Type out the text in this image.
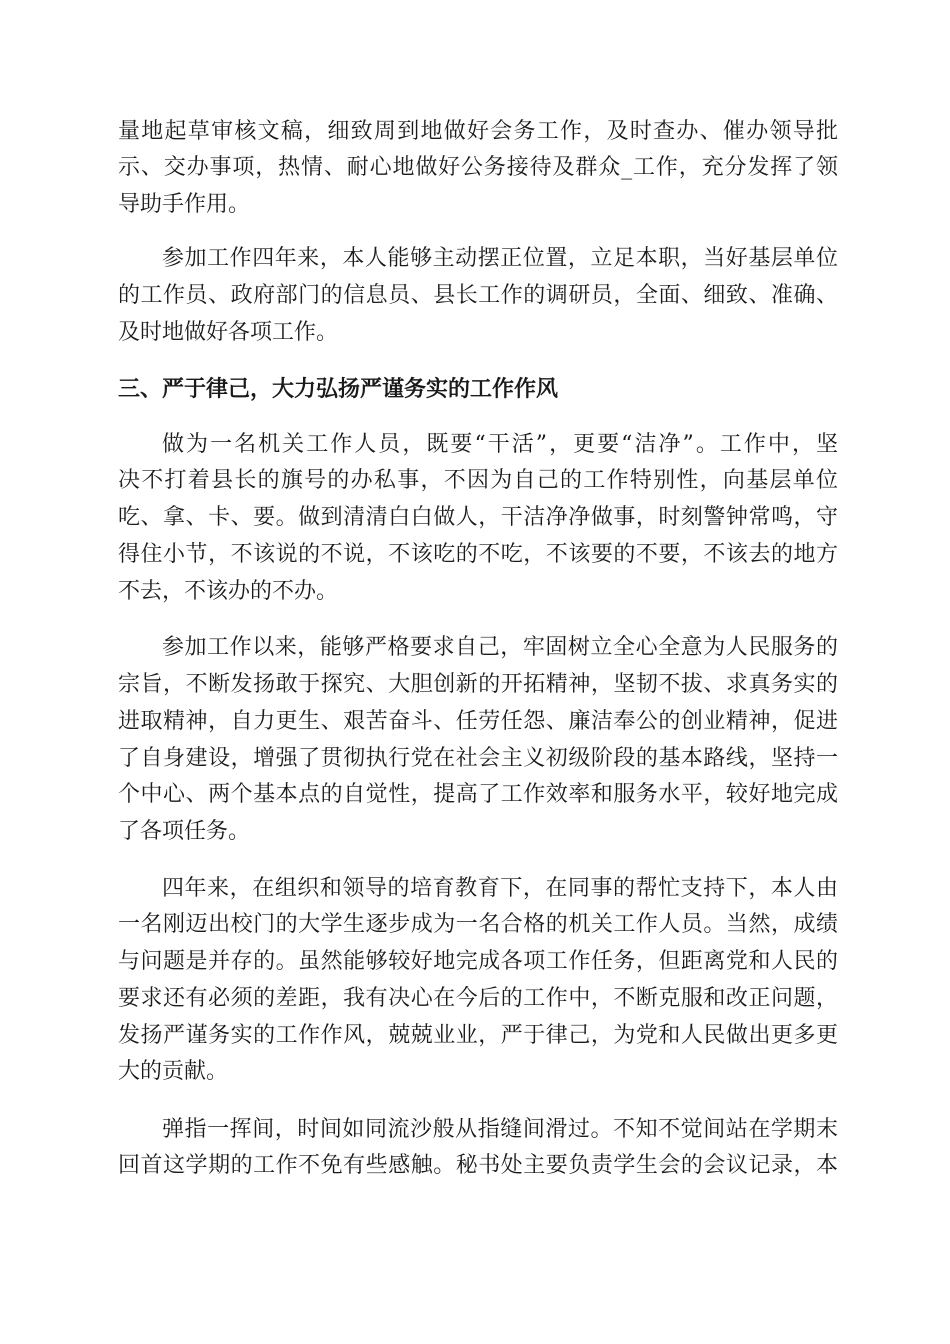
量地起草审核文稿，细致周到地做好会务工作，及时查办、催办领导批

示、交办事项，热情、耐心地做好公务接待及群众_工作，充分发挥了领

导助手作用。

参加工作四年来，本人能够主动摆正位置，立足本职，当好基层单位

的工作员、政府部门的信息员、县长工作的调研员，全面、细致、准确、

及时地做好各项工作。

三、严于律己，大力弘扬严谨务实的工作作风

做为一名机关工作人员，既要“干活”，更要“洁净”。工作中，坚

决不打着县长的旗号的办私事，不因为自己的工作特别性，向基层单位

吃、拿、卡、要。做到清清白白做人，干洁净净做事，时刻警钟常鸣，守

得住小节，不该说的不说，不该吃的不吃，不该要的不要，不该去的地方

不去，不该办的不办。

参加工作以来，能够严格要求自己，牢固树立全心全意为人民服务的

宗旨，不断发扬敢于探究、大胆创新的开拓精神，坚韧不拔、求真务实的

进取精神，自力更生、艰苦奋斗、任劳任怨、廉洁奉公的创业精神，促进

了自身建设，增强了贯彻执行党在社会主义初级阶段的基本路线，坚持一

个中心、两个基本点的自觉性，提高了工作效率和服务水平，较好地完成

了各项任务。

四年来，在组织和领导的培育教育下，在同事的帮忙支持下，本人由

一名刚迈出校门的大学生逐步成为一名合格的机关工作人员。当然，成绩

与问题是并存的。虽然能够较好地完成各项工作任务，但距离党和人民的

要求还有必须的差距，我有决心在今后的工作中，不断克服和改正问题，

发扬严谨务实的工作作风，兢兢业业，严于律己，为党和人民做出更多更

大的贡献。

弹指一挥间，时间如同流沙般从指缝间滑过。不知不觉间站在学期末

回首这学期的工作不免有些感触。秘书处主要负责学生会的会议记录，本
